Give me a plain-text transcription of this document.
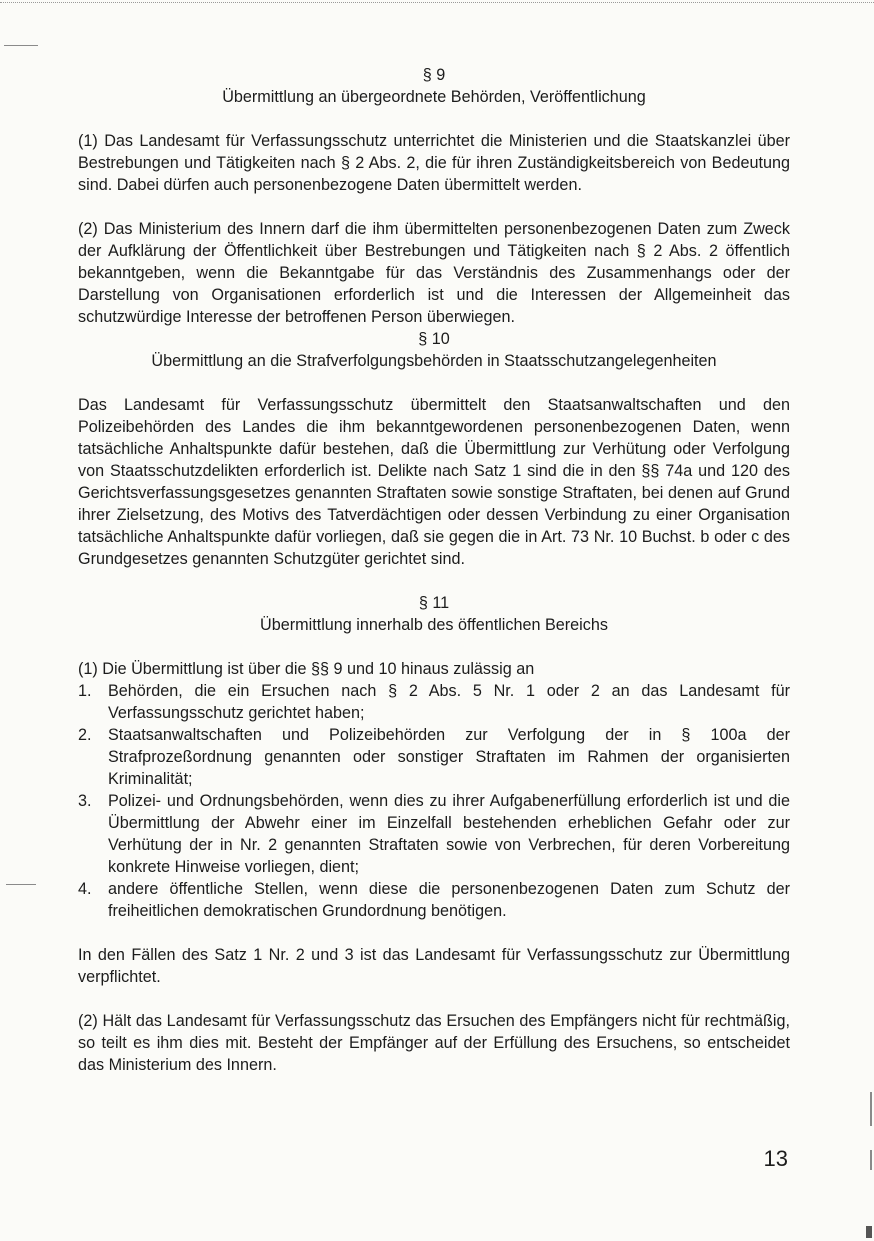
§ 9

Übermittlung an übergeordnete Behörden, Veröffentlichung

(1) Das Landesamt für Verfassungsschutz unterrichtet die Ministerien und die Staatskanzlei über Bestrebungen und Tätigkeiten nach § 2 Abs. 2, die für ihren Zuständigkeitsbereich von Bedeutung sind. Dabei dürfen auch personenbezogene Daten übermittelt werden.

(2) Das Ministerium des Innern darf die ihm übermittelten personenbezogenen Daten zum Zweck der Aufklärung der Öffentlichkeit über Bestrebungen und Tätigkeiten nach § 2 Abs. 2 öffentlich bekanntgeben, wenn die Bekanntgabe für das Verständnis des Zusammenhangs oder der Darstellung von Organisationen erforderlich ist und die Interessen der Allgemeinheit das schutzwürdige Interesse der betroffenen Person überwiegen.

§ 10

Übermittlung an die Strafverfolgungsbehörden in Staatsschutzangelegenheiten

Das Landesamt für Verfassungsschutz übermittelt den Staatsanwaltschaften und den Polizeibehörden des Landes die ihm bekanntgewordenen personenbezogenen Daten, wenn tatsächliche Anhaltspunkte dafür bestehen, daß die Übermittlung zur Verhütung oder Verfolgung von Staatsschutzdelikten erforderlich ist. Delikte nach Satz 1 sind die in den §§ 74a und 120 des Gerichtsverfassungsgesetzes genannten Straftaten sowie sonstige Straftaten, bei denen auf Grund ihrer Zielsetzung, des Motivs des Tatverdächtigen oder dessen Verbindung zu einer Organisation tatsächliche Anhaltspunkte dafür vorliegen, daß sie gegen die in Art. 73 Nr. 10 Buchst. b oder c des Grundgesetzes genannten Schutzgüter gerichtet sind.

§ 11

Übermittlung innerhalb des öffentlichen Bereichs

(1) Die Übermittlung ist über die §§ 9 und 10 hinaus zulässig an

1.	Behörden, die ein Ersuchen nach § 2 Abs. 5 Nr. 1 oder 2 an das Landesamt für Verfassungsschutz gerichtet haben;
2.	Staatsanwaltschaften und Polizeibehörden zur Verfolgung der in § 100a der Strafprozeßordnung genannten oder sonstiger Straftaten im Rahmen der organisierten Kriminalität;
3.	Polizei- und Ordnungsbehörden, wenn dies zu ihrer Aufgabenerfüllung erforderlich ist und die Übermittlung der Abwehr einer im Einzelfall bestehenden erheblichen Gefahr oder zur Verhütung der in Nr. 2 genannten Straftaten sowie von Verbrechen, für deren Vorbereitung konkrete Hinweise vorliegen, dient;
4.	andere öffentliche Stellen, wenn diese die personenbezogenen Daten zum Schutz der freiheitlichen demokratischen Grundordnung benötigen.

In den Fällen des Satz 1 Nr. 2 und 3 ist das Landesamt für Verfassungsschutz zur Übermittlung verpflichtet.

(2) Hält das Landesamt für Verfassungsschutz das Ersuchen des Empfängers nicht für rechtmäßig, so teilt es ihm dies mit. Besteht der Empfänger auf der Erfüllung des Ersuchens, so entscheidet das Ministerium des Innern.

13
